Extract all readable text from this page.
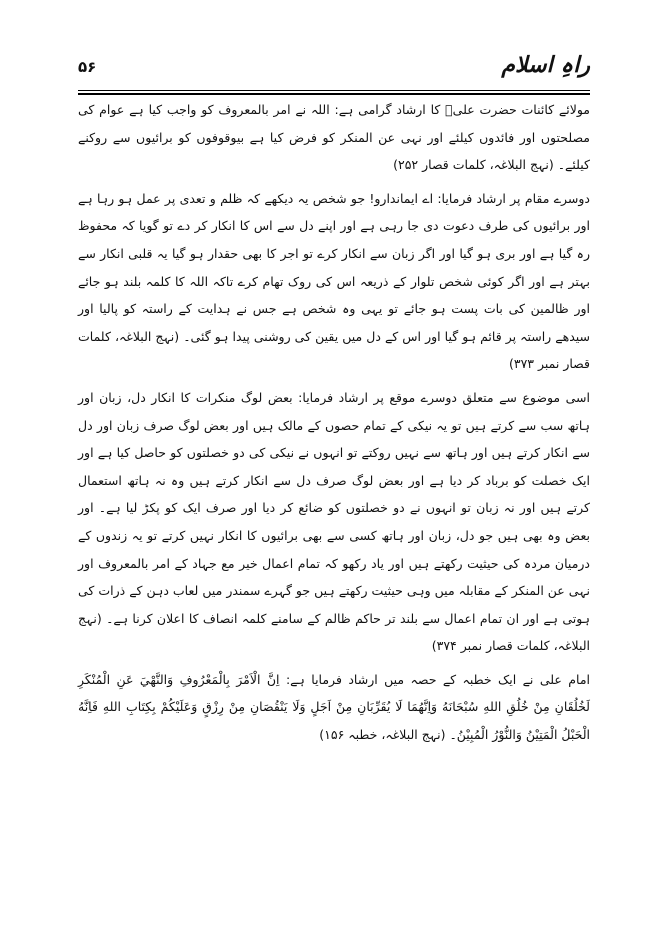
راہِ اسلام
۵۶

مولائے کائنات حضرت علیؑ کا ارشاد گرامی ہے: اللہ نے امر بالمعروف کو واجب کیا ہے عوام کی مصلحتوں اور فائدوں کیلئے اور نہی عن المنکر کو فرض کیا ہے بیوقوفوں کو برائیوں سے روکنے کیلئے۔ (نہج البلاغہ، کلمات قصار ۲۵۲)

دوسرے مقام پر ارشاد فرمایا: اے ایماندارو! جو شخص یہ دیکھے کہ ظلم و تعدی پر عمل ہو رہا ہے اور برائیوں کی طرف دعوت دی جا رہی ہے اور اپنے دل سے اس کا انکار کر دے تو گویا کہ محفوظ رہ گیا ہے اور بری ہو گیا اور اگر زبان سے انکار کرے تو اجر کا بھی حقدار ہو گیا یہ قلبی انکار سے بہتر ہے اور اگر کوئی شخص تلوار کے ذریعہ اس کی روک تھام کرے تاکہ اللہ کا کلمہ بلند ہو جائے اور ظالمین کی بات پست ہو جائے تو یہی وہ شخص ہے جس نے ہدایت کے راستہ کو پالیا اور سیدھے راستہ پر قائم ہو گیا اور اس کے دل میں یقین کی روشنی پیدا ہو گئی۔ (نہج البلاغہ، کلمات قصار نمبر ۳۷۳)

اسی موضوع سے متعلق دوسرے موقع پر ارشاد فرمایا: بعض لوگ منکرات کا انکار دل، زبان اور ہاتھ سب سے کرتے ہیں تو یہ نیکی کے تمام حصوں کے مالک ہیں اور بعض لوگ صرف زبان اور دل سے انکار کرتے ہیں اور ہاتھ سے نہیں روکتے تو انہوں نے نیکی کی دو خصلتوں کو حاصل کیا ہے اور ایک خصلت کو برباد کر دیا ہے اور بعض لوگ صرف دل سے انکار کرتے ہیں وہ نہ ہاتھ استعمال کرتے ہیں اور نہ زبان تو انہوں نے دو خصلتوں کو ضائع کر دیا اور صرف ایک کو پکڑ لیا ہے۔ اور بعض وہ بھی ہیں جو دل، زبان اور ہاتھ کسی سے بھی برائیوں کا انکار نہیں کرتے تو یہ زندوں کے درمیان مردہ کی حیثیت رکھتے ہیں اور یاد رکھو کہ تمام اعمال خیر مع جہاد کے امر بالمعروف اور نہی عن المنکر کے مقابلہ میں وہی حیثیت رکھتے ہیں جو گہرے سمندر میں لعاب دہن کے ذرات کی ہوتی ہے اور ان تمام اعمال سے بلند تر حاکم ظالم کے سامنے کلمہ انصاف کا اعلان کرنا ہے۔ (نہج البلاغہ، کلمات قصار نمبر ۳۷۴)

امام علی نے ایک خطبہ کے حصہ میں ارشاد فرمایا ہے: اِنَّ الْاَمْرَ بِالْمَعْرُوفِ وَالنَّهْيَ عَنِ الْمُنْكَرِ لَخُلُقَانِ مِنْ خُلُقِ اللهِ سُبْحَانَهُ وَاِنَّهُمَا لَا يُقَرِّبَانِ مِنْ اَجَلٍ وَلَا يَنْقُصَانِ مِنْ رِزْقٍ وَعَلَيْكُمْ بِكِتَابِ اللهِ فَاِنَّهُ الْحَبْلُ الْمَتِيْنُ وَالنُّوْرُ الْمُبِيْنُ۔ (نہج البلاغہ، خطبہ ۱۵۶)
